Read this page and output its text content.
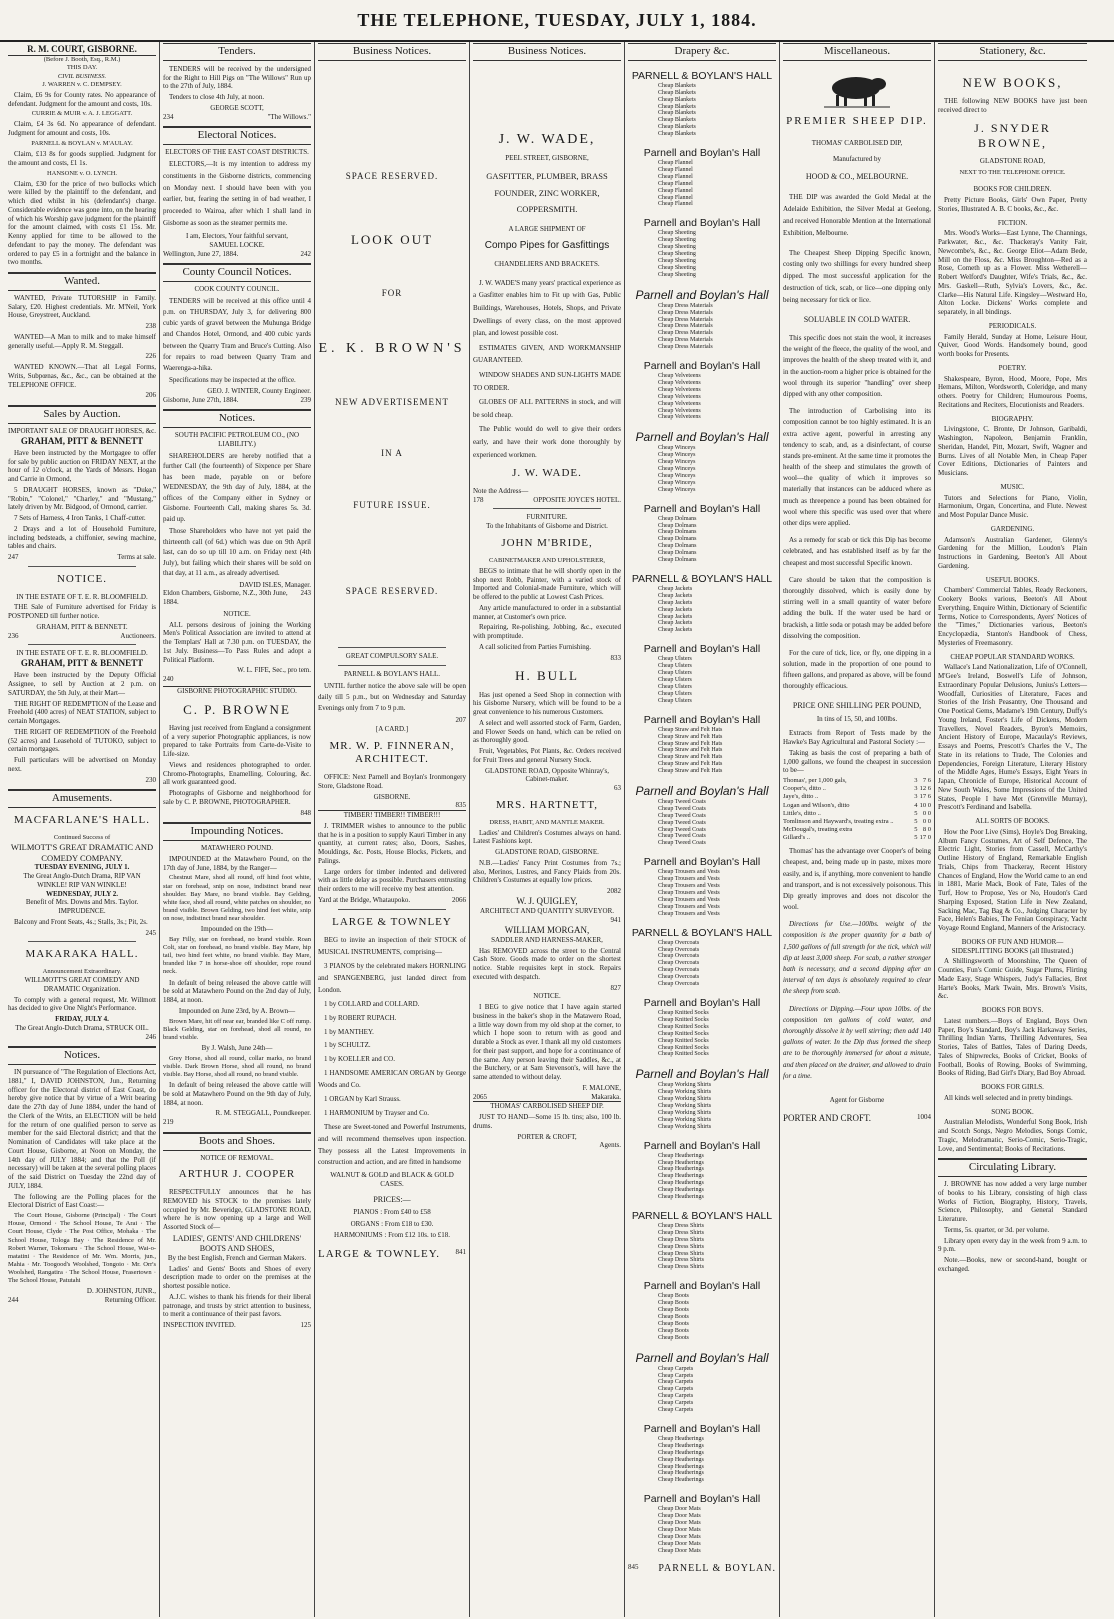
THE TELEPHONE, TUESDAY, JULY 1, 1884.
R. M. COURT, GISBORNE.
(Before J. Booth, Esq., R.M.)
THIS DAY.
CIVIL BUSINESS.
J. WARREN v. C. DEMPSEY.

Claim, £6 9s for County rates. No appearance of defendant. Judgment for the amount and costs, 10s.

CURRIE & MUIR v. A. J. LEGGATT.

Claim, £4 3s 6d. No appearance of defendant. Judgment for amount and costs, 10s.

PARNELL & BOYLAN v. M'AULAY.

Claim, £13 8s for goods supplied. Judgment for the amount and costs, £1 1s.

HANSONE v. O. LYNCH.

Claim, £30 for the price of two bullocks which were killed by the plaintiff to the defendant, and which died whilst in his (defendant's) charge. Considerable evidence was gone into, on the hearing of which his Worship gave judgment for the plaintiff for the amount claimed, with costs £1 15s. Mr. Kenny applied for time to be allowed to the defendant to pay the money. The defendant was ordered to pay £5 in a fortnight and the balance in two months.

Wanted.

WANTED, Private TUTORSHIP in Family. Salary, £20. Highest credentials. Mr. M'Neil, York House, Greystreet, Auckland.

238

WANTED—A Man to milk and to make himself generally useful.—Apply R. M. Steggall.

226

WANTED KNOWN.—That all Legal Forms, Writs, Subpœnas, &c., &c., can be obtained at the TELEPHONE OFFICE.

206
Sales by Auction.
IMPORTANT SALE OF DRAUGHT HORSES, &c.
GRAHAM, PITT & BENNETT

Have been instructed by the Mortgagee to offer for sale by public auction on FRIDAY NEXT, at the hour of 12 o'clock, at the Yards of Messrs. Hogan and Carrie in Ormond,

5 DRAUGHT HORSES, known as "Duke," "Robin," "Colonel," "Charley," and "Mustang," lately driven by Mr. Bidgood, of Ormond, carrier.

7 Sets of Harness, 4 Iron Tanks, 1 Chaff-cutter.

2 Drays and a lot of Household Furniture, including bedsteads, a chiffonier, sewing machine, tables and chairs.

247	Terms at sale.
NOTICE.
IN THE ESTATE OF T. E. R. BLOOMFIELD.

THE Sale of Furniture advertised for Friday is POSTPONED till further notice.

GRAHAM, PITT & BENNETT.
236	Auctioneers.
IN THE ESTATE OF T. E. R. BLOOMFIELD.
GRAHAM, PITT & BENNETT

Have been instructed by the Deputy Official Assignee, to sell by Auction at 2 p.m. on SATURDAY, the 5th July, at their Mart—

THE RIGHT OF REDEMPTION of the Lease and Freehold (400 acres) of NEAT STATION, subject to certain Mortgages.

THE RIGHT OF REDEMPTION of the Freehold (52 acres) and Leasehold of TUTOKO, subject to certain mortgages.

Full particulars will be advertised on Monday next.

230
Amusements.
MACFARLANE'S HALL.
Continued Success of
WILMOTT'S GREAT DRAMATIC AND COMEDY COMPANY.
TUESDAY EVENING, JULY 1.
The Great Anglo-Dutch Drama, RIP VAN WINKLE! RIP VAN WINKLE!
WEDNESDAY, JULY 2.
Benefit of Mrs. Downs and Mrs. Taylor.
IMPRUDENCE.

Balcony and Front Seats, 4s.; Stalls, 3s.; Pit, 2s.

245
MAKARAKA HALL.
Announcement Extraordinary.
WILLMOTT'S GREAT COMEDY AND DRAMATIC Organization.

To comply with a general request, Mr. Willmott has decided to give One Night's Performance.

FRIDAY, JULY 4.
The Great Anglo-Dutch Drama, STRUCK OIL.
246
Notices.

IN pursuance of "The Regulation of Elections Act, 1881," I, DAVID JOHNSTON, Jun., Returning officer for the Electoral district of East Coast, do hereby give notice that by virtue of a Writ bearing date the 27th day of June 1884, under the hand of the Clerk of the Writs, an ELECTION will be held for the return of one qualified person to serve as member for the said Electoral district; and that the Nomination of Candidates will take place at the Court House, Gisborne, at Noon on Monday, the 14th day of JULY 1884; and that the Poll (if necessary) will be taken at the several polling places of the said District on Tuesday the 22nd day of JULY, 1884.

The following are the Polling places for the Electoral District of East Coast:—

The Court House, Gisborne (Principal) · The Court House, Ormond · The School House, Te Arai · The Court House, Clyde · The Post Office, Mohaka · The School House, Tologa Bay · The Residence of Mr. Robert Warner, Tokomaru · The School House, Wai-o-matatini · The Residence of Mr. Wm. Morris, jun., Mahia · Mr. Toogood's Woolshed, Tongoio · Mr. Orr's Woolshed, Rangatira · The School House, Frasertown · The School House, Patutahi

D. JOHNSTON, JUNR.,
244	Returning Officer.
Tenders.

TENDERS will be received by the undersigned for the Right to Hill Pigs on "The Willows" Run up to the 27th of July, 1884.

Tenders to close 4th July, at noon.

GEORGE SCOTT,
234	"The Willows."
Electoral Notices.
ELECTORS OF THE EAST COAST DISTRICTS.

ELECTORS,—It is my intention to address my constituents in the Gisborne districts, commencing on Monday next. I should have been with you earlier, but, fearing the setting in of bad weather, I proceeded to Wairoa, after which I shall land in Gisborne as soon as the steamer permits me.

I am, Electors, Your faithful servant,
SAMUEL LOCKE.
Wellington, June 27, 1884.	242
County Council Notices.
COOK COUNTY COUNCIL.

TENDERS will be received at this office until 4 p.m. on THURSDAY, July 3, for delivering 800 cubic yards of gravel between the Muhunga Bridge and Chandos Hotel, Ormond, and 400 cubic yards between the Quarry Tram and Bruce's Cutting. Also for repairs to road between Quarry Tram and Waerenga-a-hika.

Specifications may be inspected at the office.

GEO. J. WINTER, County Engineer.
Gisborne, June 27th, 1884.	239
Notices.
SOUTH PACIFIC PETROLEUM CO., (NO LIABILITY.)

SHAREHOLDERS are hereby notified that a further Call (the fourteenth) of Sixpence per Share has been made, payable on or before WEDNESDAY, the 9th day of July, 1884, at the offices of the Company either in Sydney or Gisborne. Fourteenth Call, making shares 5s. 3d. paid up.

Those Shareholders who have not yet paid the thirteenth call (of 6d.) which was due on 9th April last, can do so up till 10 a.m. on Friday next (4th July), but failing which their shares will be sold on that day, at 11 a.m., as already advertised.

DAVID ISLES, Manager.
Eldon Chambers, Gisborne, N.Z., 30th June, 1884.
243
NOTICE.

ALL persons desirous of joining the Working Men's Political Association are invited to attend at the Templars' Hall at 7.30 p.m. on TUESDAY, the 1st July. Business—To Pass Rules and adopt a Political Platform.

W. L. FIFE, Sec., pro tem.
240
GISBORNE PHOTOGRAPHIC STUDIO.
C. P. BROWNE

Having just received from England a consignment of a very superior Photographic appliances, is now prepared to take Portraits from Carte-de-Visite to Life-size.

Views and residences photographed to order. Chromo-Photographs, Enamelling, Colouring, &c. all work guaranteed good.

Photographs of Gisborne and neighborhood for sale by C. P. BROWNE, PHOTOGRAPHER.

848
Impounding Notices.
MATAWHERO POUND.

IMPOUNDED at the Matawhero Pound, on the 17th day of June, 1884, by the Ranger—

Chestnut Mare, shod all round, off hind foot white, star on forehead, snip on nose, indistinct brand near shoulder. Bay Mare, no brand visible. Bay Gelding, white face, shod all round, white patches on shoulder, no brand visible. Brown Gelding, two hind feet white, snip on nose, indistinct brand near shoulder.

Impounded on the 19th—

Bay Filly, star on forehead, no brand visible. Roan Colt, star on forehead, no brand visible. Bay Mare, hip tail, two hind feet white, no brand visible. Bay Mare, branded like 7 in horse-shoe off shoulder, rope round neck.

In default of being released the above cattle will be sold at Matawhero Pound on the 2nd day of July, 1884, at noon.

Impounded on June 23rd, by A. Brown—

Brown Mare, hit off near ear, branded like C off rump. Black Gelding, star on forehead, shod all round, no brand visible.

By J. Walsh, June 24th—

Grey Horse, shod all round, collar marks, no brand visible. Dark Brown Horse, shod all round, no brand visible. Bay Horse, shod all round, no brand visible.

In default of being released the above cattle will be sold at Matawhero Pound on the 9th day of July, 1884, at noon.

R. M. STEGGALL, Poundkeeper.
219
Boots and Shoes.
NOTICE OF REMOVAL.
ARTHUR J. COOPER

RESPECTFULLY announces that he has REMOVED his STOCK to the premises lately occupied by Mr. Beveridge, GLADSTONE ROAD, where he is now opening up a large and Well Assorted Stock of—

LADIES', GENTS' AND CHILDRENS' BOOTS AND SHOES,
By the best English, French and German Makers.

Ladies' and Gents' Boots and Shoes of every description made to order on the premises at the shortest possible notice.

A.J.C. wishes to thank his friends for their liberal patronage, and trusts by strict attention to business, to merit a continuance of their past favors.

INSPECTION INVITED.	125
Business Notices.
SPACE RESERVED.
LOOK OUT
FOR
E. K. BROWN'S
NEW ADVERTISEMENT
IN A
FUTURE ISSUE.
SPACE RESERVED.
GREAT COMPULSORY SALE.
PARNELL & BOYLAN'S HALL.

UNTIL further notice the above sale will be open daily till 5 p.m., but on Wednesday and Saturday Evenings only from 7 to 9 p.m.

207
[A CARD.]
MR. W. P. FINNERAN, ARCHITECT.

OFFICE: Next Parnell and Boylan's Ironmongery Store, Gladstone Road.

GISBORNE.
835
TIMBER! TIMBER!! TIMBER!!!

J. TRIMMER wishes to announce to the public that he is in a position to supply Kauri Timber in any quantity, at current rates; also, Doors, Sashes, Mouldings, &c. Posts, House Blocks, Pickets, and Palings.

Large orders for timber indented and delivered with as little delay as possible. Purchasers entrusting their orders to me will receive my best attention.

Yard at the Bridge, Whataupoko.	2066
LARGE & TOWNLEY

BEG to invite an inspection of their STOCK of MUSICAL INSTRUMENTS, comprising—

3 PIANOS by the celebrated makers HORNLING and SPANGENBERG, just landed direct from London.

1 by COLLARD and COLLARD.

1 by ROBERT RUPACH.

1 by MANTHEY.

1 by SCHULTZ.

1 by KOELLER and CO.

1 HANDSOME AMERICAN ORGAN by George Woods and Co.

1 ORGAN by Karl Strauss.

1 HARMONIUM by Trayser and Co.

These are Sweet-toned and Powerful Instruments, and will recommend themselves upon inspection. They possess all the Latest Improvements in construction and action, and are fitted in handsome

WALNUT & GOLD and BLACK & GOLD CASES.
PRICES:—
PIANOS : From £40 to £58
ORGANS : From £18 to £30.
HARMONIUMS : From £12 10s. to £18.
LARGE & TOWNLEY. 841
Business Notices.
J. W. WADE,
PEEL STREET, GISBORNE,
GASFITTER, PLUMBER, BRASS
FOUNDER, ZINC WORKER,
COPPERSMITH.
A LARGE SHIPMENT OF
Compo Pipes for Gasfittings
CHANDELIERS AND BRACKETS.

J. W. WADE'S many years' practical experience as a Gasfitter enables him to Fit up with Gas, Public Buildings, Warehouses, Hotels, Shops, and Private Dwellings of every class, on the most approved plan, and lowest possible cost.

ESTIMATES GIVEN, AND WORKMANSHIP GUARANTEED.

WINDOW SHADES AND SUN-LIGHTS MADE TO ORDER.

GLOBES OF ALL PATTERNS in stock, and will be sold cheap.

The Public would do well to give their orders early, and have their work done thoroughly by experienced workmen.

J. W. WADE.
Note the Address—
178	OPPOSITE JOYCE'S HOTEL.
FURNITURE.
To the Inhabitants of Gisborne and District.
JOHN M'BRIDE,
CABINETMAKER AND UPHOLSTERER,

BEGS to intimate that he will shortly open in the shop next Robb, Painter, with a varied stock of Imported and Colonial-made Furniture, which will be offered to the public at Lowest Cash Prices.

Any article manufactured to order in a substantial manner, at Customer's own price.

Repairing, Re-polishing, Jobbing, &c., executed with promptitude.

A call solicited from Parties Furnishing.

833
H. BULL

Has just opened a Seed Shop in connection with his Gisborne Nursery, which will be found to be a great convenience to his numerous Customers.

A select and well assorted stock of Farm, Garden, and Flower Seeds on hand, which can be relied on as thoroughly good.

Fruit, Vegetables, Pot Plants, &c. Orders received for Fruit Trees and general Nursery Stock.

GLADSTONE ROAD, Opposite Whinray's, Cabinet-maker.
63
MRS. HARTNETT,
DRESS, HABIT, AND MANTLE MAKER.

Ladies' and Children's Costumes always on hand. Latest Fashions kept.

GLADSTONE ROAD, GISBORNE.

N.B.—Ladies' Fancy Print Costumes from 7s.; also, Merinos, Lustres, and Fancy Plaids from 20s. Children's Costumes at equally low prices.

2082
W. J. QUIGLEY,
ARCHITECT AND QUANTITY SURVEYOR.
941
WILLIAM MORGAN,
SADDLER AND HARNESS-MAKER,

Has REMOVED across the street to the Central Cash Store. Goods made to order on the shortest notice. Stable requisites kept in stock. Repairs executed with despatch.

827
NOTICE.

I BEG to give notice that I have again started business in the baker's shop in the Matawero Road, a little way down from my old shop at the corner, to which I hope soon to return with as good and durable a Stock as ever. I thank all my old customers for their past support, and hope for a continuance of the same. Any person leaving their Saddles, &c., at the Butchery, or at Sam Stevenson's, will have the same attended to without delay.

F. MALONE,
2065	Makaraka.
THOMAS' CARBOLISED SHEEP DIP.

JUST TO HAND—Some 15 lb. tins; also, 100 lb. drums.

PORTER & CROFT,
Agents.
Drapery &c.
PARNELL & BOYLAN'S HALL
Cheap Blankets
Cheap Blankets
Cheap Blankets
Cheap Blankets
Cheap Blankets
Cheap Blankets
Cheap Blankets
Cheap Blankets
Parnell and Boylan's Hall
Cheap Flannel
Cheap Flannel
Cheap Flannel
Cheap Flannel
Cheap Flannel
Cheap Flannel
Cheap Flannel
Parnell and Boylan's Hall
Cheap Sheeting
Cheap Sheeting
Cheap Sheeting
Cheap Sheeting
Cheap Sheeting
Cheap Sheeting
Cheap Sheeting
Parnell and Boylan's Hall
Cheap Dress Materials
Cheap Dress Materials
Cheap Dress Materials
Cheap Dress Materials
Cheap Dress Materials
Cheap Dress Materials
Cheap Dress Materials
Parnell and Boylan's Hall
Cheap Velveteens
Cheap Velveteens
Cheap Velveteens
Cheap Velveteens
Cheap Velveteens
Cheap Velveteens
Cheap Velveteens
Parnell and Boylan's Hall
Cheap Winceys
Cheap Winceys
Cheap Winceys
Cheap Winceys
Cheap Winceys
Cheap Winceys
Cheap Winceys
Parnell and Boylan's Hall
Cheap Dolmans
Cheap Dolmans
Cheap Dolmans
Cheap Dolmans
Cheap Dolmans
Cheap Dolmans
Cheap Dolmans
PARNELL & BOYLAN'S HALL
Cheap Jackets
Cheap Jackets
Cheap Jackets
Cheap Jackets
Cheap Jackets
Cheap Jackets
Cheap Jackets
Parnell and Boylan's Hall
Cheap Ulsters
Cheap Ulsters
Cheap Ulsters
Cheap Ulsters
Cheap Ulsters
Cheap Ulsters
Cheap Ulsters
Parnell and Boylan's Hall
Cheap Straw and Felt Hats
Cheap Straw and Felt Hats
Cheap Straw and Felt Hats
Cheap Straw and Felt Hats
Cheap Straw and Felt Hats
Cheap Straw and Felt Hats
Cheap Straw and Felt Hats
Parnell and Boylan's Hall
Cheap Tweed Coats
Cheap Tweed Coats
Cheap Tweed Coats
Cheap Tweed Coats
Cheap Tweed Coats
Cheap Tweed Coats
Cheap Tweed Coats
Parnell and Boylan's Hall
Cheap Trousers and Vests
Cheap Trousers and Vests
Cheap Trousers and Vests
Cheap Trousers and Vests
Cheap Trousers and Vests
Cheap Trousers and Vests
Cheap Trousers and Vests
PARNELL & BOYLAN'S HALL
Cheap Overcoats
Cheap Overcoats
Cheap Overcoats
Cheap Overcoats
Cheap Overcoats
Cheap Overcoats
Cheap Overcoats
Parnell and Boylan's Hall
Cheap Knitted Socks
Cheap Knitted Socks
Cheap Knitted Socks
Cheap Knitted Socks
Cheap Knitted Socks
Cheap Knitted Socks
Cheap Knitted Socks
Parnell and Boylan's Hall
Cheap Working Shirts
Cheap Working Shirts
Cheap Working Shirts
Cheap Working Shirts
Cheap Working Shirts
Cheap Working Shirts
Cheap Working Shirts
Parnell and Boylan's Hall
Cheap Heatherings
Cheap Heatherings
Cheap Heatherings
Cheap Heatherings
Cheap Heatherings
Cheap Heatherings
Cheap Heatherings
PARNELL & BOYLAN'S HALL
Cheap Dress Shirts
Cheap Dress Shirts
Cheap Dress Shirts
Cheap Dress Shirts
Cheap Dress Shirts
Cheap Dress Shirts
Cheap Dress Shirts
Parnell and Boylan's Hall
Cheap Boots
Cheap Boots
Cheap Boots
Cheap Boots
Cheap Boots
Cheap Boots
Cheap Boots
Parnell and Boylan's Hall
Cheap Carpets
Cheap Carpets
Cheap Carpets
Cheap Carpets
Cheap Carpets
Cheap Carpets
Cheap Carpets
Parnell and Boylan's Hall
Cheap Heatherings
Cheap Heatherings
Cheap Heatherings
Cheap Heatherings
Cheap Heatherings
Cheap Heatherings
Cheap Heatherings
Parnell and Boylan's Hall
Cheap Door Mats
Cheap Door Mats
Cheap Door Mats
Cheap Door Mats
Cheap Door Mats
Cheap Door Mats
Cheap Door Mats
845 PARNELL & BOYLAN.
Miscellaneous.
PREMIER SHEEP DIP.
THOMAS' CARBOLISED DIP,
Manufactured by
HOOD & CO., MELBOURNE.

THE DIP was awarded the Gold Medal at the Adelaide Exhibition, the Silver Medal at Geelong, and received Honorable Mention at the International Exhibition, Melbourne.

The Cheapest Sheep Dipping Specific known, costing only two shillings for every hundred sheep dipped. The most successful application for the destruction of tick, scab, or lice—one dipping only being necessary for tick or lice.

SOLUABLE IN COLD WATER.

This specific does not stain the wool, it increases the weight of the fleece, the quality of the wool, and improves the health of the sheep treated with it, and in the auction-room a higher price is obtained for the wool through its superior "handling" over sheep dipped with any other composition.

The introduction of Carbolising into its composition cannot be too highly estimated. It is an extra active agent, powerful in arresting any tendency to scab, and, as a disinfectant, of course stands pre-eminent. At the same time it promotes the health of the sheep and stimulates the growth of wool—the quality of which it improves so materially that instances can be adduced where as much as threepence a pound has been obtained for wool where this specific was used over that where other dips were applied.

As a remedy for scab or tick this Dip has become celebrated, and has established itself as by far the cheapest and most successful Specific known.

Care should be taken that the composition is thoroughly dissolved, which is easily done by stirring well in a small quantity of water before adding the bulk. If the water used be hard or brackish, a little soda or potash may be added before dissolving the composition.

For the cure of tick, lice, or fly, one dipping in a solution, made in the proportion of one pound to fifteen gallons, and prepared as above, will be found thoroughly efficacious.

PRICE ONE SHILLING PER POUND,
In tins of 15, 50, and 100lbs.

Extracts from Report of Tests made by the Hawke's Bay Agricultural and Pastoral Society :—

Taking as basis the cost of preparing a bath of 1,000 gallons, we found the cheapest in succession to be—

Thomas', per 1,000 gals,	3	7 6
Cooper's, ditto ..	3	12 6
Jaye's, ditto ..	3	17 6
Logan and Wilson's, ditto	4	10 0
Little's, ditto ..	5	0 0
Tomlinson and Hayward's, treating extra ..	5	0 0
McDougal's, treating extra	5	8 0
Gillard's ..	5	17 0

Thomas' has the advantage over Cooper's of being cheapest, and, being made up in paste, mixes more easily, and is, if anything, more convenient to handle and transport, and is not excessively poisonous. This Dip greatly improves and does not discolor the wool.

Directions for Use.—100lbs. weight of the composition is the proper quantity for a bath of 1,500 gallons of full strength for the tick, which will dip at least 3,000 sheep. For scab, a rather stronger bath is necessary, and a second dipping after an interval of ten days is absolutely required to clear the sheep from scab.

Directions or Dipping.—Four upon 10lbs. of the composition ten gallons of cold water, and thoroughly dissolve it by well stirring; then add 140 gallons of water. In the Dip thus formed the sheep are to be thoroughly immersed for about a minute, and then placed on the drainer, and allowed to drain for a time.

Agent for Gisborne
PORTER AND CROFT.	1004
Stationery, &c.
NEW BOOKS,

THE following NEW BOOKS have just been received direct to

J. SNYDER BROWNE,
GLADSTONE ROAD,
NEXT TO THE TELEPHONE OFFICE.
BOOKS FOR CHILDREN.

Pretty Picture Books, Girls' Own Paper, Pretty Stories, Illustrated A. B. C books, &c., &c.

FICTION.

Mrs. Wood's Works—East Lynne, The Channings, Parkwater, &c., &c. Thackeray's Vanity Fair, Newcombe's, &c., &c. George Eliot—Adam Bede, Mill on the Floss, &c. Miss Broughton—Red as a Rose, Cometh up as a Flower. Miss Wetherell—Robert Welford's Daughter, Wife's Trials, &c., &c. Mrs. Gaskell—Ruth, Sylvia's Lovers, &c., &c. Clarke—His Natural Life. Kingsley—Westward Ho, Alton Locke. Dickens' Works complete and separately, in all bindings.

PERIODICALS.

Family Herald, Sunday at Home, Leisure Hour, Quiver, Good Words. Handsomely bound, good worth books for Presents.

POETRY.

Shakespeare, Byron, Hood, Moore, Pope, Mrs Hemans, Milton, Wordsworth, Coleridge, and many others. Poetry for Children; Humourous Poems, Recitations and Reciters, Elocutionists and Readers.

BIOGRAPHY.

Livingstone, C. Bronte, Dr Johnson, Garibaldi, Washington, Napoleon, Benjamin Franklin, Sheridan, Handel, Pitt, Mozart, Swift, Wagner and Burns. Lives of all Notable Men, in Cheap Paper Cover Editions, Dictionaries of Painters and Musicians.

MUSIC.

Tutors and Selections for Piano, Violin, Harmonium, Organ, Concertina, and Flute. Newest and Most Popular Dance Music.

GARDENING.

Adamson's Australian Gardener, Glenny's Gardening for the Million, Loudon's Plain Instructions in Gardening, Beeton's All About Gardening.

USEFUL BOOKS.

Chambers' Commercial Tables, Ready Reckoners, Cookery Books various, Beeton's All About Everything, Enquire Within, Dictionary of Scientific Terms, Notice to Correspondents, Ayers' Notices of the "Times," Dictionaries various, Beeton's Encyclopædia, Stanton's Handbook of Chess, Mysteries of Freemasonry.

CHEAP POPULAR STANDARD WORKS.

Wallace's Land Nationalization, Life of O'Connell, M'Gee's Ireland, Boswell's Life of Johnson, Extraordinary Popular Delusions, Junius's Letters—Woodfall, Curiosities of Literature, Faces and Stories of the Irish Peasantry, One Thousand and One Poetical Gems, Madame's 19th Century, Duffy's Young Ireland, Foster's Life of Dickens, Modern Travellers, Novel Readers, Byron's Memoirs, Ancient History of Europe, Macaulay's Reviews, Essays and Poems, Prescott's Charles the V., The State in its relations to Trade, The Colonies and Dependencies, Foreign Literature, Literary History of the Middle Ages, Hume's Essays, Eight Years in Japan, Chronicle of Europe, Historical Account of New South Wales, Some Impressions of the United States, People I have Met (Grenville Murray), Prescott's Ferdinand and Isabella.

ALL SORTS OF BOOKS.

How the Poor Live (Sims), Hoyle's Dog Breaking, Album Fancy Costumes, Art of Self Defence, The Electric Light, Stories from Cassell, McCarthy's Outline History of England, Remarkable English Trials, Chips from Thackeray, Recent History Chances of England, How the World came to an end in 1881, Marie Mack, Book of Fate, Tales of the Turf, How to Propose, Yes or No, Houdon's Card Sharping Exposed, Station Life in New Zealand, Sacking Mac, Tag Bag & Co., Judging Character by Face, Helen's Babies, The Fenian Conspiracy, Yacht Voyage Round England, Manners of the Aristocracy.

BOOKS OF FUN AND HUMOR—SIDESPLITTING BOOKS (all Illustrated.)

A Shillingsworth of Moonshine, The Queen of Counties, Fun's Comic Guide, Sugar Plums, Flirting Made Easy, Stage Whispers, Judy's Fallacies, Bret Harte's Books, Mark Twain, Mrs. Brown's Visits, &c.

BOOKS FOR BOYS.

Latest numbers.—Boys of England, Boys Own Paper, Boy's Standard, Boy's Jack Harkaway Series, Thrilling Indian Yarns, Thrilling Adventures, Sea Stories, Tales of Battles, Tales of Daring Deeds, Tales of Shipwrecks, Books of Cricket, Books of Football, Books of Rowing, Books of Swimming, Books of Riding, Bad Girl's Diary, Bad Boy Abroad.

BOOKS FOR GIRLS.

All kinds well selected and in pretty bindings.

SONG BOOK.

Australian Melodists, Wonderful Song Book, Irish and Scotch Songs, Negro Melodies, Songs Comic, Tragic, Melodramatic, Serio-Comic, Serio-Tragic, Love, and Sentimental; Books of Recitations.

Circulating Library.

J. BROWNE has now added a very large number of books to his Library, consisting of high class Works of Fiction, Biography, History, Travels, Science, Philosophy, and General Standard Literature.

Terms, 5s. quarter, or 3d. per volume.

Library open every day in the week from 9 a.m. to 9 p.m.

Note.—Books, new or second-hand, bought or exchanged.
